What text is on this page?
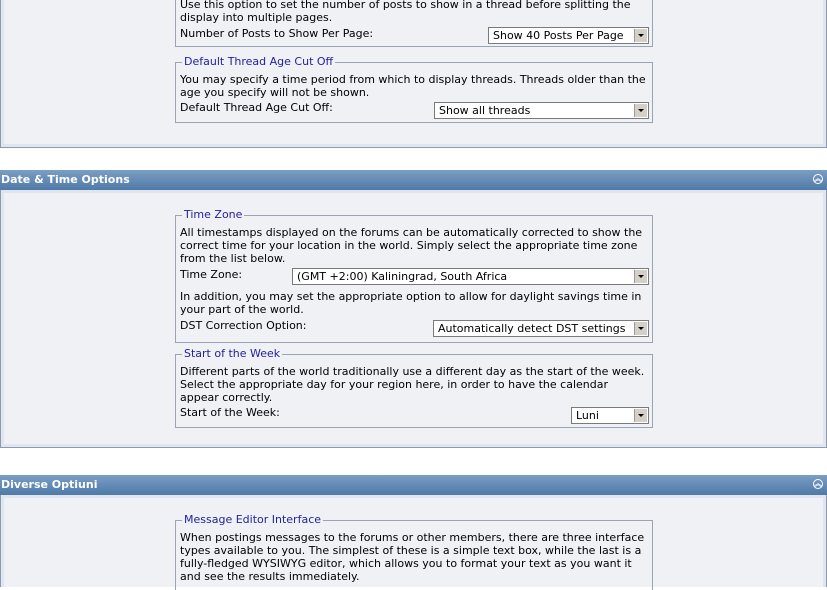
Use this option to set the number of posts to show in a thread before splitting the display into multiple pages.
Number of Posts to Show Per Page:	Show 40 Posts Per Page
Default Thread Age Cut Off
You may specify a time period from which to display threads. Threads older than the age you specify will not be shown.
Default Thread Age Cut Off:	Show all threads
Date & Time Options	︽
Time Zone
All timestamps displayed on the forums can be automatically corrected to show the correct time for your location in the world. Simply select the appropriate time zone from the list below.
Time Zone:	(GMT +2:00) Kaliningrad, South Africa
In addition, you may set the appropriate option to allow for daylight savings time in your part of the world.
DST Correction Option:	Automatically detect DST settings
Start of the Week
Different parts of the world traditionally use a different day as the start of the week. Select the appropriate day for your region here, in order to have the calendar appear correctly.
Start of the Week:	Luni
Diverse Optiuni	︽
Message Editor Interface
When postings messages to the forums or other members, there are three interface types available to you. The simplest of these is a simple text box, while the last is a fully-fledged WYSIWYG editor, which allows you to format your text as you want it and see the results immediately.
